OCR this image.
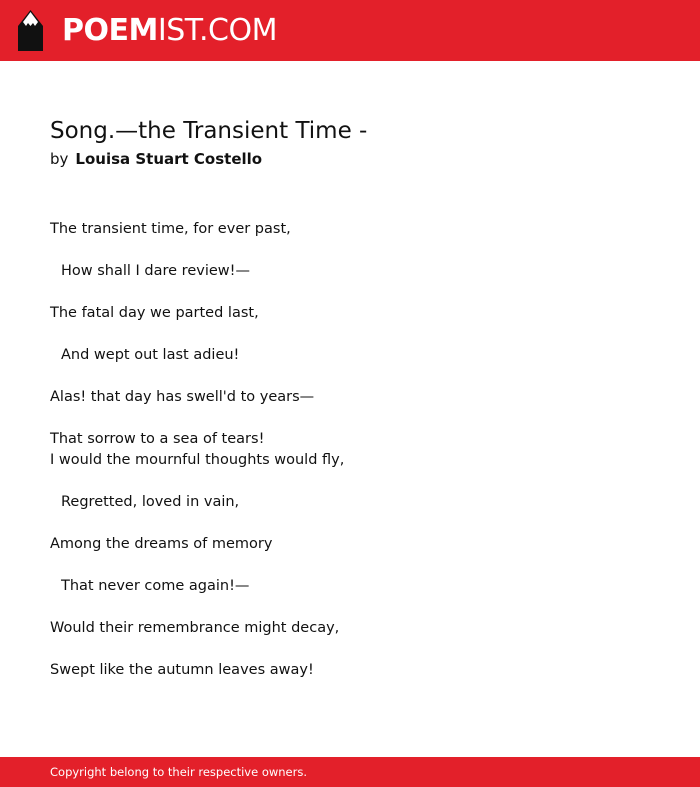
POEMIST.COM
Song.—the Transient Time -
by Louisa Stuart Costello
The transient time, for ever past,
How shall I dare review!—
The fatal day we parted last,
And wept out last adieu!
Alas! that day has swell'd to years—
That sorrow to a sea of tears!
I would the mournful thoughts would fly,
Regretted, loved in vain,
Among the dreams of memory
That never come again!—
Would their remembrance might decay,
Swept like the autumn leaves away!
Copyright belong to their respective owners.
